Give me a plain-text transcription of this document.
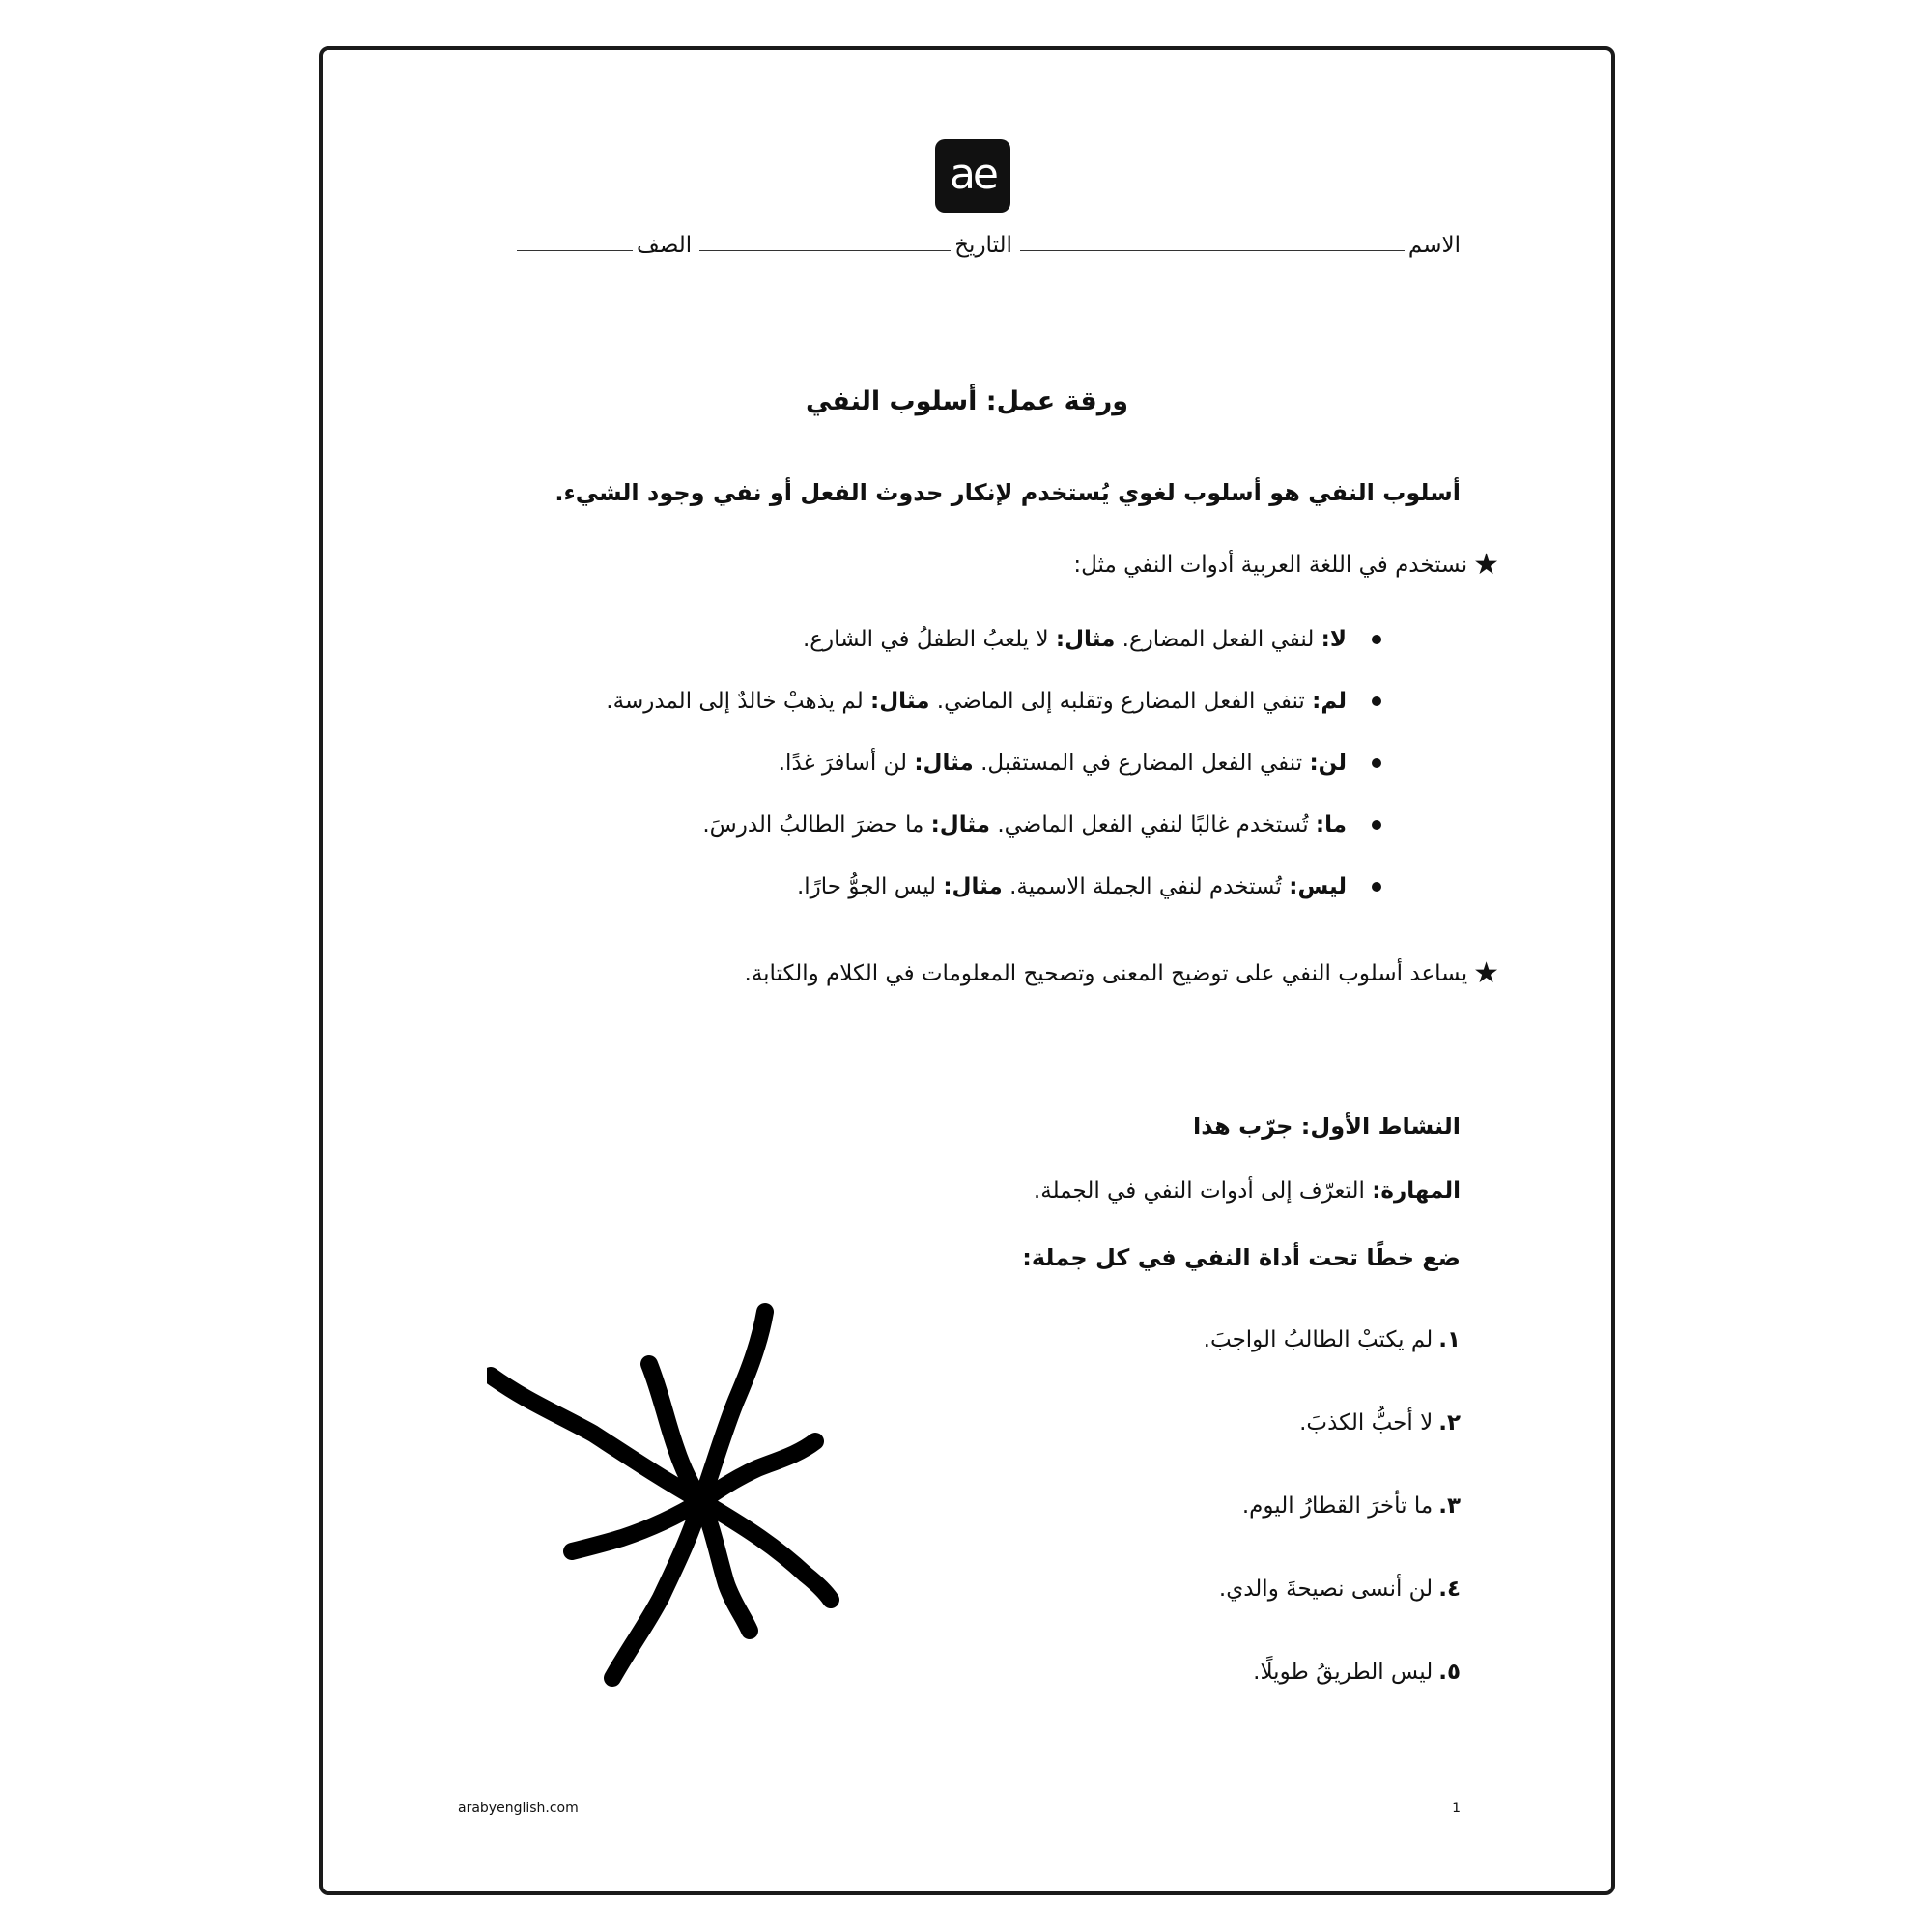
ae
الاسم
التاريخ
الصف
ورقة عمل: أسلوب النفي
أسلوب النفي هو أسلوب لغوي يُستخدم لإنكار حدوث الفعل أو نفي وجود الشيء.
★
نستخدم في اللغة العربية أدوات النفي مثل:
لا: لنفي الفعل المضارع. مثال: لا يلعبُ الطفلُ في الشارع.
لم: تنفي الفعل المضارع وتقلبه إلى الماضي. مثال: لم يذهبْ خالدٌ إلى المدرسة.
لن: تنفي الفعل المضارع في المستقبل. مثال: لن أسافرَ غدًا.
ما: تُستخدم غالبًا لنفي الفعل الماضي. مثال: ما حضرَ الطالبُ الدرسَ.
ليس: تُستخدم لنفي الجملة الاسمية. مثال: ليس الجوُّ حارًا.
★
يساعد أسلوب النفي على توضيح المعنى وتصحيح المعلومات في الكلام والكتابة.
النشاط الأول: جرّب هذا
المهارة: التعرّف إلى أدوات النفي في الجملة.
ضع خطًا تحت أداة النفي في كل جملة:
١.لم يكتبْ الطالبُ الواجبَ.
٢.لا أحبُّ الكذبَ.
٣.ما تأخرَ القطارُ اليوم.
٤.لن أنسى نصيحةَ والدي.
٥.ليس الطريقُ طويلًا.
arabyenglish.com	1
